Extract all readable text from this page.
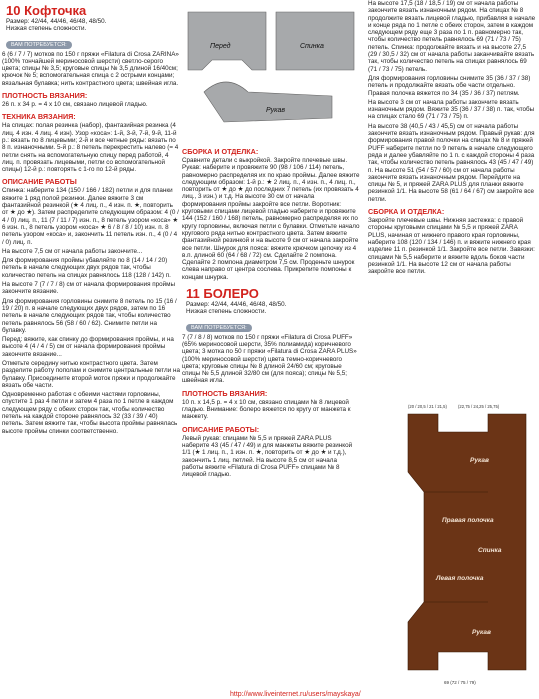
10 Кофточка
Размер: 42/44, 44/46, 46/48, 48/50.
Низкая степень сложности.
ВАМ ПОТРЕБУЕТСЯ:

6 (6 / 7 / 7) мотков по 150 г пряжи «Filatura di Crosa ZARINA» (100% тончайшей мериносовой шерсти) светло-серого цвета; спицы № 3,5; круговые спицы № 3,5 длиной 16/40см; крючок № 5; вспомогательная спица с 2 острыми концами; вязальная булавка; нить контрастного цвета; швейная игла.

ПЛОТНОСТЬ ВЯЗАНИЯ:

26 п. х 34 р. = 4 х 10 см, связано лицевой гладью.

ТЕХНИКА ВЯЗАНИЯ:

На спицах: полая резинка (набор), фантазийная резинка (4 лиц. 4 изн. 4 лиц. 4 изн). Узор «коса»: 1-й, 3-й, 7-й, 9-й, 11-й р.: вязать по 8 лицевыми; 2-й и все четные ряды: вязать по 8 п. изнаночными. 5-й р.: 8 петель перекрестить налево (= 4 петли снять на вспомогательную спицу перед работой, 4 лиц. п. провязать лицевыми, петли со вспомогательной спицы) 12-й р.: повторять с 1-го по 12-й ряды.

ОПИСАНИЕ РАБОТЫ

Спинка: наберите 134 (150 / 166 / 182) петли и для планки вяжите 1 ряд полой резинки. Далее вяжите 3 см фантазийной резинкой (★ 4 лиц. п., 4 изн. п. ★, повторить от ★ до ★). Затем распределите следующим образом: 4 (0 / 4 / 0) лиц. п., 11 (7 / 11 / 7) изн. п., 8 петель узором «коса» ★ 6 изн. п., 8 петель узором «коса» ★ 6 / 8 / 8 / 10) изн. п. 8 петель узором «коса» и, закончить 11 петель изн. п., 4 (0 / 4 / 0) лиц. п.

На высоте 7,5 см от начала работы закончите...

Для формирования проймы убавляйте по 8 (14 / 14 / 20) петель в начале следующих двух рядов так, чтобы количество петель на спицах равнялось 118 (128 / 142) п.

На высоте 7 (7 / 7 / 8) см от начала формирования проймы закончите вязание.

Для формирования горловины снимите 8 петель по 15 (16 / 19 / 20) п. в начале следующих двух рядов, затем по 16 петель в начале следующих рядов так, чтобы количество петель равнялось 56 (58 / 60 / 62). Снимите петли на булавку.

Перед: вяжите, как спинку до формирования проймы, и на высоте 4 (4 / 4 / 5) см от начала формирования проймы закончите вязание...

Отметьте середину нитью контрастного цвета. Затем разделите работу пополам и снимите центральные петли на булавку. Присоедините второй моток пряжи и продолжайте вязать обе части.

Одновременно работая с обеими частями горловины, спустите 1 раз 4 петли и затем 4 раза по 1 петле в каждом следующем ряду с обеих сторон так, чтобы количество петель на каждой стороне равнялось 32 (33 / 39 / 40) петель. Затем вяжите так, чтобы высота проймы равнялась высоте проймы спинки соответственно.

Перед	Спинка
Рукав
СБОРКА И ОТДЕЛКА:

Сравните детали с выкройкой. Закройте плечевые швы. Рукав: наберите и провяжите 90 (98 / 106 / 114) петель, равномерно распределяя их по краю проймы. Далее вяжите следующим образом: 1-й р.: ★ 2 лиц. п., 4 изн. п., 4 лиц. п., повторить от ★ до ★ до последних 7 петель (их провязать 4 лиц., 3 изн.) и т.д. На высоте 30 см от начала формирования проймы закройте все петли. Воротник: круговыми спицами лицевой гладью наберите и провяжите 144 (152 / 160 / 168) петель, равномерно распределяя их по кругу горловины, включая петли с булавки. Отметьте начало кругового ряда нитью контрастного цвета. Затем вяжите фантазийной резинкой и на высоте 9 см от начала закройте все петли. Шнурок для пояса: вяжите крючком цепочку из 4 в.п. длиной 60 (64 / 68 / 72) см. Сделайте 2 помпона. Сделайте 2 помпона диаметром 7,5 см. Проденьте шнурок слева направо от центра сослева. Прикрепите помпоны к концам шнурка.

11 БОЛЕРО
Размер: 42/44, 44/46, 46/48, 48/50.
Низкая степень сложности.
ВАМ ПОТРЕБУЕТСЯ:

7 (7 / 8 / 8) мотков по 150 г пряжи «Filatura di Crosa PUFF» (65% мериносовой шерсти, 35% полиамида) коричневого цвета; 3 мотка по 50 г пряжи «Filatura di Crosa ZARA PLUS» (100% мериносовой шерсти) цвета темно-коричневого цвета; круговые спицы № 8 длиной 24/60 см; круговые спицы № 5,5 длиной 32/80 см (для пояса); спицы № 5,5; швейная игла.

ПЛОТНОСТЬ ВЯЗАНИЯ:

10 п. х 14,5 р. = 4 х 10 см, связано спицами № 8 лицевой гладью. Внимание: болеро вяжется по кругу от манжета к манжету.

ОПИСАНИЕ РАБОТЫ:

Левый рукав: спицами № 5,5 и пряжей ZARA PLUS наберите 43 (45 / 47 / 49) и для манжеты вяжите резинкой 1/1 (★ 1 лиц. п., 1 изн. п. ★, повторить от ★ до ★ и т.д.), закончить 1 лиц. петлей. На высоте 8,5 см от начала работы вяжите «Filatura di Crosa PUFF» спицами № 8 лицевой гладью.

На высоте 17,5 (18 / 18,5 / 19) см от начала работы закончите вязать изнаночным рядом. На спицах № 8 продолжите вязать лицевой гладью, прибавляя в начале и конце ряда по 1 петле с обеих сторон, затем в каждом следующем ряду еще 3 раза по 1 п. равномерно так, чтобы количество петель равнялось 69 (71 / 73 / 75) петель. Спинка: продолжайте вязать и на высоте 27,5 (29 / 30,5 / 32) см от начала работы заканчивайте вязать так, чтобы количество петель на спицах равнялось 69 (71 / 73 / 75) петель.

Для формирования горловины снимите 35 (36 / 37 / 38) петель и продолжайте вязать обе части отдельно. Правая полочка вяжется по 34 (35 / 36 / 37) петлям.

На высоте 3 см от начала работы закончите вязать изнаночным рядом. Вяжите 35 (36 / 37 / 38) п. так, чтобы на спицах стало 69 (71 / 73 / 75) п.

На высоте 38 (40,5 / 43 / 45,5) см от начала работы закончите вязать изнаночным рядом. Правый рукав: для формирования правой полочки на спицах № 8 и пряжей PUFF наберите петли по 9 петель в начале следующего ряда и далее убавляйте по 1 п. с каждой стороны 4 раза так, чтобы количество петель равнялось 43 (45 / 47 / 49) п. На высоте 51 (54 / 57 / 60) см от начала работы закончите вязать изнаночным рядом. Перейдите на спицы № 5, и пряжей ZARA PLUS для планки вяжите резинкой 1/1. На высоте 58 (61 / 64 / 67) см закройте все петли.

СБОРКА И ОТДЕЛКА:

Закройте плечевые швы. Нижняя застежка: с правой стороны круговыми спицами № 5,5 и пряжей ZARA PLUS, начиная от нижнего правого края горловины, наберите 108 (120 / 134 / 146) п. и вяжите нижнего края изделие 11 п. резинкой 1/1. Закройте все петли. Завязки: спицами № 5,5 наберите и вяжите вдоль боков части резинкой 1/1. На высоте 12 см от начала работы закройте все петли.

(20 / 20,5 / 21 / 21,5)	(22,75 / 24,25 / 25,75)
Рукав
Правая полочка
Спинка
Левая полочка
Рукав
69 (72 / 75 / 79)
http://www.liveinternet.ru/users/mayskaya/
